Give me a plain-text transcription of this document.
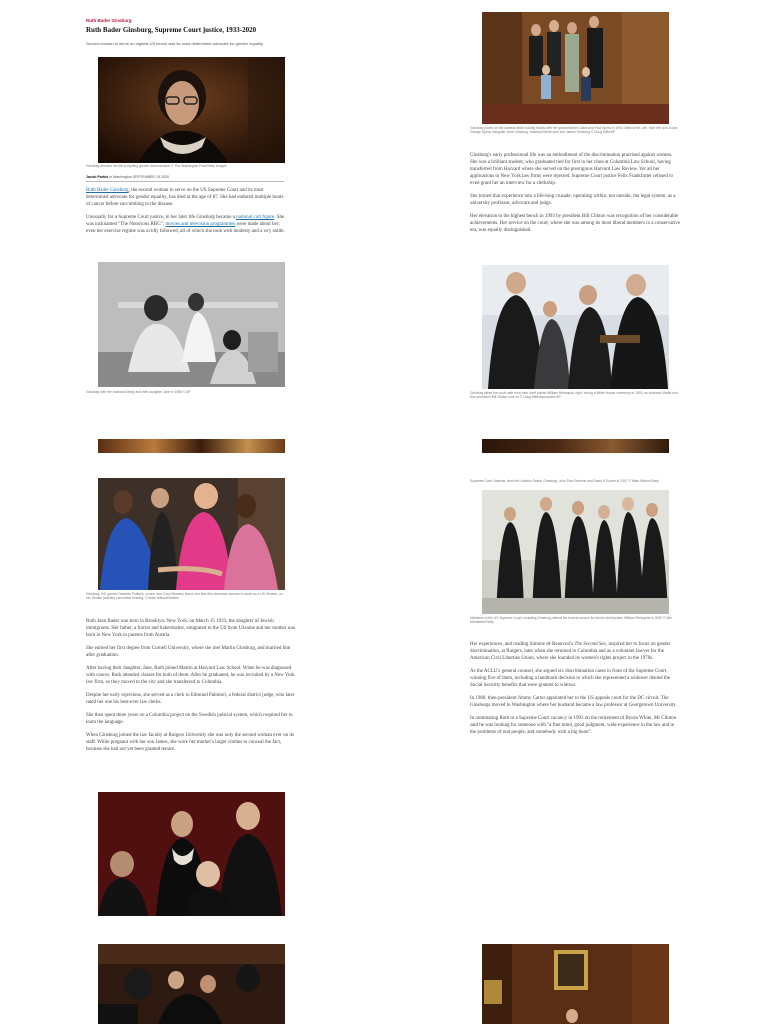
Ruth Bader Ginsburg
Ruth Bader Ginsburg, Supreme Court justice, 1933-2020
Second woman to serve on highest US bench was its most determined advocate for gender equality
Ginsburg devoted her life to fighting gender discrimination © The Washington Post/Getty Images
Jacob Parkis in Washington SEPTEMBER 19 2020

Ruth Bader Ginsburg, the second woman to serve on the US Supreme Court and its most determined advocate for gender equality, has died at the age of 87. She had endured multiple bouts of cancer before succumbing to the disease.

Unusually for a Supreme Court justice, in her later life Ginsburg became a national cult figure. She was nicknamed "The Notorious RBG"; movies and television programmes were made about her; even her exercise regime was avidly followed, all of which she took with modesty and a wry smile.

Ginsburg with her husband Marty and their daughter Jane in 1958 © AP
Ginsburg, left, greets Charlotte Puttilein, centre, and Carol Moseley Braun, the first Afro-American woman to serve as a US Senator, on her Senate judiciary committee hearing, © Mark Wilson/Reuters

Ruth Joan Bader was born in Brooklyn, New York, on March 15 1933, the daughter of Jewish immigrants. Her father, a furrier and haberdasher, emigrated to the US from Ukraine and her mother was born in New York to parents from Austria.

She earned her first degree from Cornell University, where she met Martin Ginsburg, and married him after graduation.

After having their daughter, Jane, Ruth joined Martin at Harvard Law School. When he was diagnosed with cancer, Ruth attended classes for both of them. After he graduated, he was recruited by a New York law firm, so they moved to the city and she transferred to Columbia.

Despite her early rejections, she served as a clerk to Edmund Palmieri, a federal district judge, who later rated her one his best-ever law clerks.

She then spent three years on a Columbia project on the Swedish judicial system, which required her to learn the language.

When Ginsburg joined the law faculty at Rutgers University she was only the second woman ever on its staff. While pregnant with her son James, she wore her mother's larger clothes to conceal the fact, because she had not yet been granted tenure.

Ginsburg poses for the camera while holding hands with her grandchildren Clara and Paul Spera in 1993. Behind her, are, from left: son-in-law George Spera, daughter Jane Ginsburg, husband Martin and son James Ginsburg © Doug Mills/AP

Ginsburg's early professional life was an embodiment of the discrimination practised against women. She was a brilliant student, who graduated tied for first in her class at Columbia Law School, having transferred from Harvard where she served on the prestigious Harvard Law Review. Yet all her applications to New York law firms were rejected. Supreme Court justice Felix Frankfurter refused to even grant her an interview for a clerkship.

She turned that experience into a life-long crusade, operating within, not outside, the legal system, as a university professor, advocate and judge.

Her elevation to the highest bench in 1993 by president Bill Clinton was recognition of her considerable achievements. Her service on the court, where she was among its most liberal members in a conservative era, was equally distinguished.

Ginsburg takes the court oath from then chief justice William Rehnquist, right, during a White House ceremony in 1993, as husband Martin and then president Bill Clinton look on © Doug Mills/Associated AP
Supreme Court Justices, from left: Antonin Scalia, Ginsburg, John Paul Stevens and David H Souter in 2007 © Mark Wilson/Getty
Members of the US Supreme Court, including Ginsburg, attend the funeral service for former chief justice William Rehnquist in 2005 © Win McNamee/Getty

Her experiences, and reading Simone de Beauvoir's The Second Sex, inspired her to focus on gender discrimination, at Rutgers, later when she returned to Columbia and as a volunteer lawyer for the American Civil Liberties Union, where she founded its women's rights project in the 1970s.

As the ACLU's general counsel, she argued six discrimination cases in front of the Supreme Court, winning five of them, including a landmark decision in which she represented a widower denied the Social Security benefits that were granted to widows.

In 1980, then-president Jimmy Carter appointed her to the US appeals court for the DC circuit. The Ginsburgs moved to Washington where her husband became a law professor at Georgetown University.

In nominating Ruth to a Supreme Court vacancy in 1993 on the retirement of Byron White, Mr Clinton said he was looking for someone with "a fine mind, good judgment, wide experience in the law and in the problems of real people, and somebody with a big heart".
